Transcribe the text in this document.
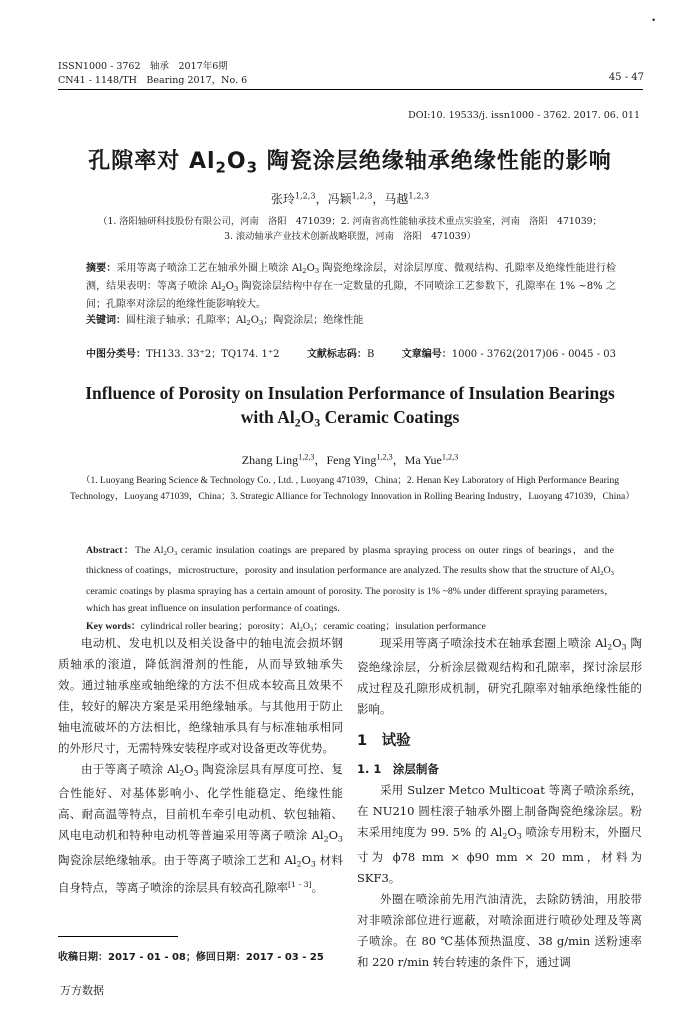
•
ISSN1000 - 3762　轴承　2017年6期
CN41 - 1148/TH　Bearing 2017，No. 6	45 - 47
DOI:10. 19533/j. issn1000 - 3762. 2017. 06. 011
孔隙率对 $Al_2O_3$ 陶瓷涂层绝缘轴承绝缘性能的影响
张玲$^{1,2,3}$，冯颖$^{1,2,3}$，马越$^{1,2,3}$
（1. 洛阳轴研科技股份有限公司，河南　洛阳　471039；2. 河南省高性能轴承技术重点实验室，河南　洛阳　471039；
3. 滚动轴承产业技术创新战略联盟，河南　洛阳　471039）
摘要：采用等离子喷涂工艺在轴承外圈上喷涂 $Al_2O_3$ 陶瓷绝缘涂层，对涂层厚度、微观结构、孔隙率及绝缘性能进行检测，结果表明：等离子喷涂 $Al_2O_3$ 陶瓷涂层结构中存在一定数量的孔隙，不同喷涂工艺参数下，孔隙率在 1% ~8% 之间；孔隙率对涂层的绝缘性能影响较大。
关键词：圆柱滚子轴承；孔隙率；$Al_2O_3$；陶瓷涂层；绝缘性能
中图分类号：TH133. 33⁺2；TQ174. 1⁺2	文献标志码：B	文章编号：1000 - 3762(2017)06 - 0045 - 03
Influence of Porosity on Insulation Performance of Insulation Bearings
with $Al_2O_3$ Ceramic Coatings
Zhang Ling$^{1,2,3}$，Feng Ying$^{1,2,3}$，Ma Yue$^{1,2,3}$
（1. Luoyang Bearing Science & Technology Co. , Ltd. , Luoyang 471039，China；2. Henan Key Laboratory of High Performance Bearing Technology，Luoyang 471039，China；3. Strategic Alliance for Technology Innovation in Rolling Bearing Industry，Luoyang 471039，China）
Abstract：The $Al_2O_3$ ceramic insulation coatings are prepared by plasma spraying process on outer rings of bearings，and the thickness of coatings，microstructure，porosity and insulation performance are analyzed. The results show that the structure of $Al_2O_3$ ceramic coatings by plasma spraying has a certain amount of porosity. The porosity is 1% ~8% under different spraying parameters，which has great influence on insulation performance of coatings.
Key words：cylindrical roller bearing；porosity；$Al_2O_3$；ceramic coating；insulation performance

电动机、发电机以及相关设备中的轴电流会损坏钢质轴承的滚道，降低润滑剂的性能，从而导致轴承失效。通过轴承座或轴绝缘的方法不但成本较高且效果不佳，较好的解决方案是采用绝缘轴承。与其他用于防止轴电流破坏的方法相比，绝缘轴承具有与标准轴承相同的外形尺寸，无需特殊安装程序或对设备更改等优势。

由于等离子喷涂 $Al_2O_3$ 陶瓷涂层具有厚度可控、复合性能好、对基体影响小、化学性能稳定、绝缘性能高、耐高温等特点，目前机车牵引电动机、软包轴箱、风电电动机和特种电动机等普遍采用等离子喷涂 $Al_2O_3$ 陶瓷涂层绝缘轴承。由于等离子喷涂工艺和 $Al_2O_3$ 材料自身特点，等离子喷涂的涂层具有较高孔隙率[1 - 3]。

收稿日期：2017 - 01 - 08；修回日期：2017 - 03 - 25

现采用等离子喷涂技术在轴承套圈上喷涂 $Al_2O_3$ 陶瓷绝缘涂层，分析涂层微观结构和孔隙率，探讨涂层形成过程及孔隙形成机制，研究孔隙率对轴承绝缘性能的影响。

1　试验
1. 1　涂层制备

采用 Sulzer Metco Multicoat 等离子喷涂系统，在 NU210 圆柱滚子轴承外圈上制备陶瓷绝缘涂层。粉末采用纯度为 99. 5% 的 $Al_2O_3$ 喷涂专用粉末，外圈尺寸为 ϕ78 mm × ϕ90 mm × 20 mm，材料为 SKF3。

外圈在喷涂前先用汽油清洗，去除防锈油，用胶带对非喷涂部位进行遮蔽，对喷涂面进行喷砂处理及等离子喷涂。在 80 ℃基体预热温度、38 g/min 送粉速率和 220 r/min 转台转速的条件下，通过调

万方数据
